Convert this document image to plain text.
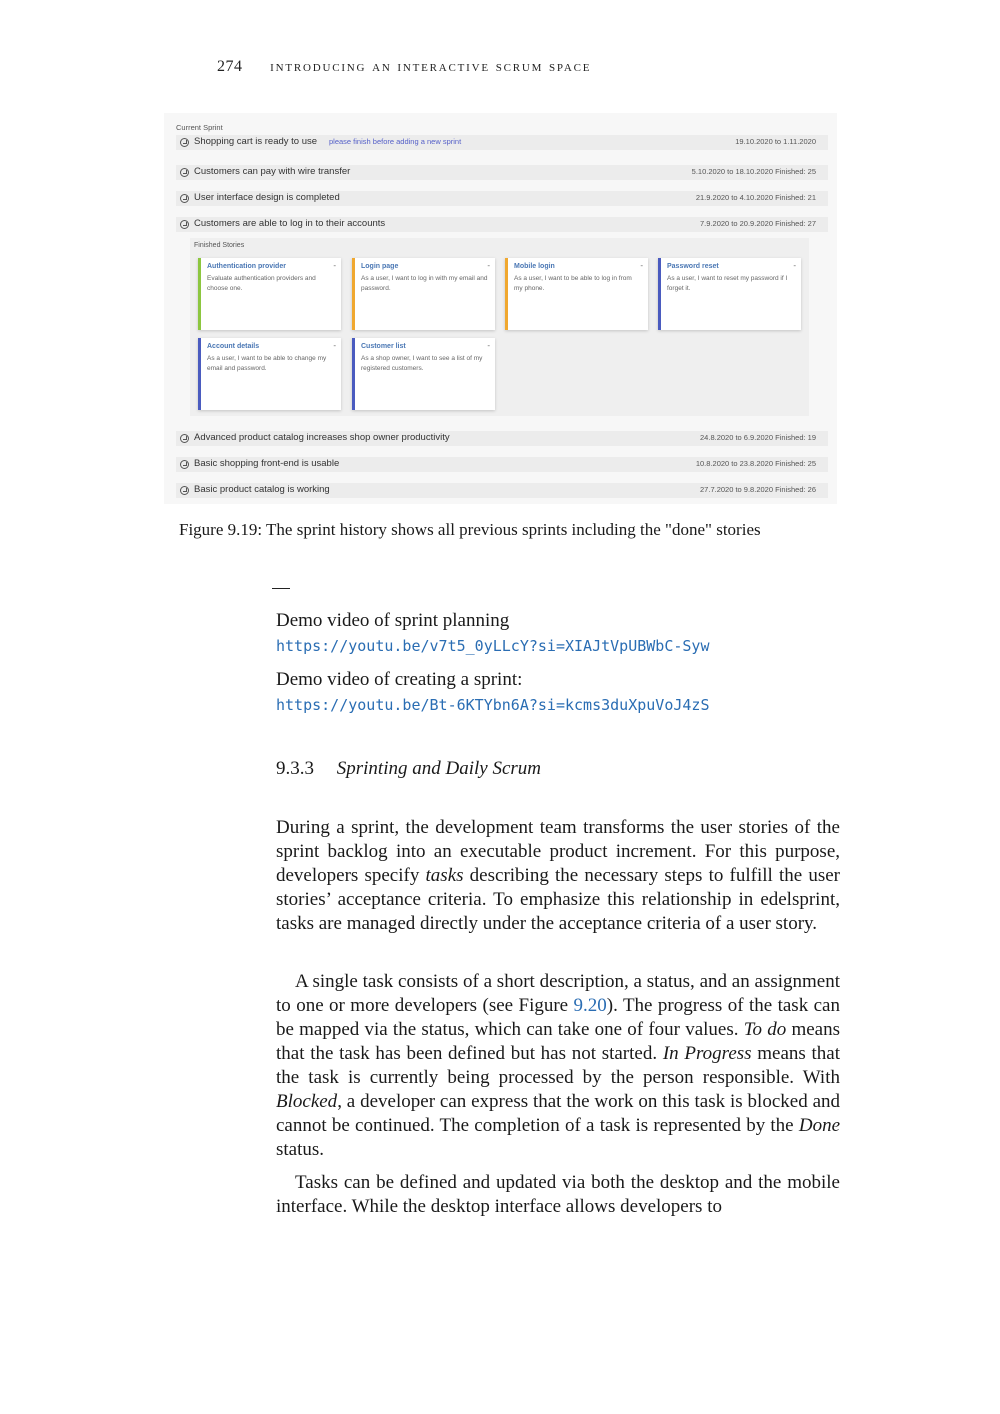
274 introducing an interactive scrum space
Current Sprint
Shopping cart is ready to use please finish before adding a new sprint	19.10.2020 to 1.11.2020
Customers can pay with wire transfer	5.10.2020 to 18.10.2020 Finished: 25
User interface design is completed	21.9.2020 to 4.10.2020 Finished: 21
Customers are able to log in to their accounts	7.9.2020 to 20.9.2020 Finished: 27
Finished Stories
Authentication provider	-
Evaluate authentication providers and choose one.
Login page	-
As a user, I want to log in with my email and password.
Mobile login	-
As a user, I want to be able to log in from my phone.
Password reset	-
As a user, I want to reset my password if I forget it.
Account details	-
As a user, I want to be able to change my email and password.
Customer list	-
As a shop owner, I want to see a list of my registered customers.
Advanced product catalog increases shop owner productivity	24.8.2020 to 6.9.2020 Finished: 19
Basic shopping front-end is usable	10.8.2020 to 23.8.2020 Finished: 25
Basic product catalog is working	27.7.2020 to 9.8.2020 Finished: 26
Figure 9.19: The sprint history shows all previous sprints including the "done" stories
Demo video of sprint planning
https://youtu.be/v7t5_0yLLcY?si=XIAJtVpUBWbC-Syw
Demo video of creating a sprint:
https://youtu.be/Bt-6KTYbn6A?si=kcms3duXpuVoJ4zS
9.3.3 Sprinting and Daily Scrum

During a sprint, the development team transforms the user stories of the sprint backlog into an executable product increment. For this purpose, developers specify tasks describing the necessary steps to fulfill the user stories’ acceptance criteria. To emphasize this relationship in edelsprint, tasks are managed directly under the acceptance criteria of a user story.

A single task consists of a short description, a status, and an assignment to one or more developers (see Figure 9.20). The progress of the task can be mapped via the status, which can take one of four values. To do means that the task has been defined but has not started. In Progress means that the task is currently being processed by the person responsible. With Blocked, a developer can express that the work on this task is blocked and cannot be continued. The completion of a task is represented by the Done status.

Tasks can be defined and updated via both the desktop and the mobile interface. While the desktop interface allows developers to
